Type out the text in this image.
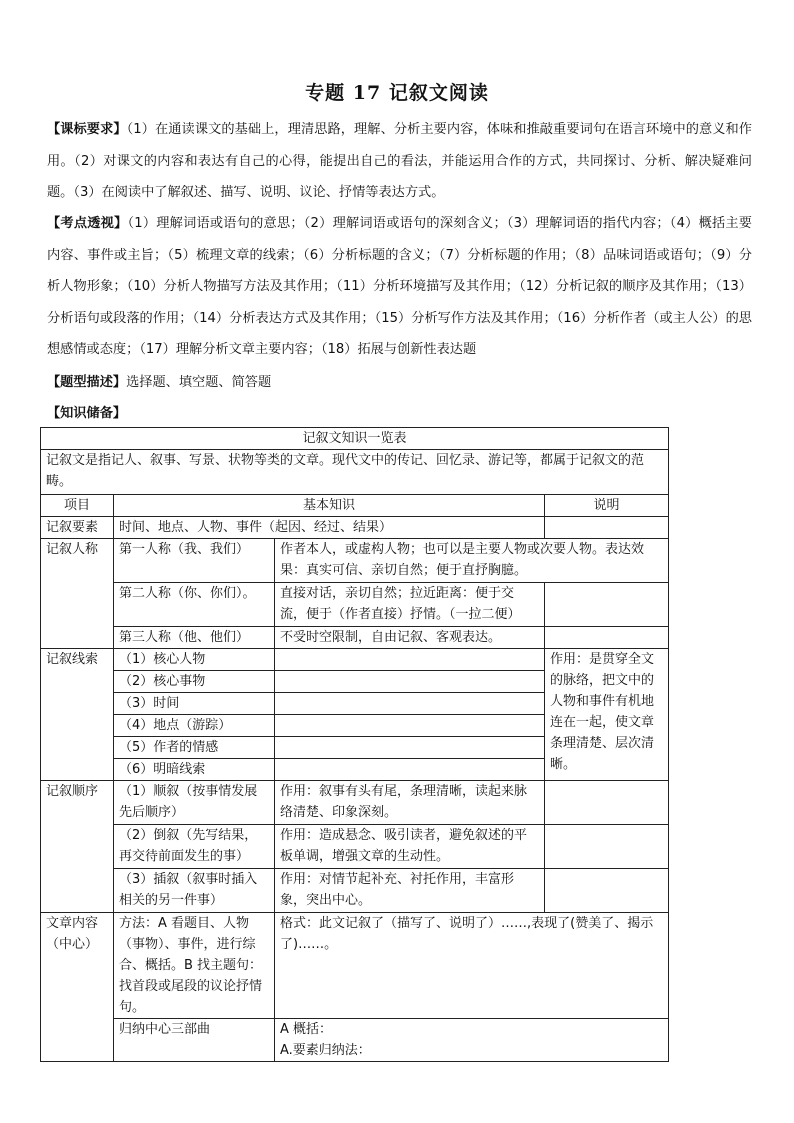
专题 17 记叙文阅读

【课标要求】（1）在通读课文的基础上，理清思路，理解、分析主要内容，体味和推敲重要词句在语言环境中的意义和作用。（2）对课文的内容和表达有自己的心得，能提出自己的看法，并能运用合作的方式，共同探讨、分析、解决疑难问题。（3）在阅读中了解叙述、描写、说明、议论、抒情等表达方式。

【考点透视】（1）理解词语或语句的意思；（2）理解词语或语句的深刻含义；（3）理解词语的指代内容；（4）概括主要内容、事件或主旨；（5）梳理文章的线索；（6）分析标题的含义；（7）分析标题的作用；（8）品味词语或语句；（9）分析人物形象；（10）分析人物描写方法及其作用；（11）分析环境描写及其作用；（12）分析记叙的顺序及其作用；（13）分析语句或段落的作用；（14）分析表达方式及其作用；（15）分析写作方法及其作用；（16）分析作者（或主人公）的思想感情或态度；（17）理解分析文章主要内容；（18）拓展与创新性表达题

【题型描述】选择题、填空题、简答题

【知识储备】

记叙文知识一览表			
记叙文是指记人、叙事、写景、状物等类的文章。现代文中的传记、回忆录、游记等，都属于记叙文的范畴。			
项目	基本知识		说明
记叙要素	时间、地点、人物、事件（起因、经过、结果）		
记叙人称	第一人称（我、我们）	作者本人，或虚构人物；也可以是主要人物或次要人物。表达效果：真实可信、亲切自然；便于直抒胸臆。	
	第二人称（你、你们）。	直接对话，亲切自然；拉近距离：便于交流，便于（作者直接）抒情。（一拉二便）	
	第三人称（他、他们）	不受时空限制，自由记叙、客观表达。	
记叙线索	（1）核心人物		作用：是贯穿全文的脉络，把文中的人物和事件有机地连在一起，使文章条理清楚、层次清晰。
	（2）核心事物		
	（3）时间		
	（4）地点（游踪）		
	（5）作者的情感		
	（6）明暗线索		
记叙顺序	（1）顺叙（按事情发展先后顺序）	作用：叙事有头有尾，条理清晰，读起来脉络清楚、印象深刻。	
	（2）倒叙（先写结果，再交待前面发生的事）	作用：造成悬念、吸引读者，避免叙述的平板单调，增强文章的生动性。	
	（3）插叙（叙事时插入相关的另一件事）	作用：对情节起补充、衬托作用，丰富形象，突出中心。	
文章内容（中心）	方法：A 看题目、人物（事物）、事件，进行综合、概括。B 找主题句：找首段或尾段的议论抒情句。	格式：此文记叙了（描写了、说明了）……,表现了(赞美了、揭示了)……。	
	归纳中心三部曲	A 概括：
A.要素归纳法：	
